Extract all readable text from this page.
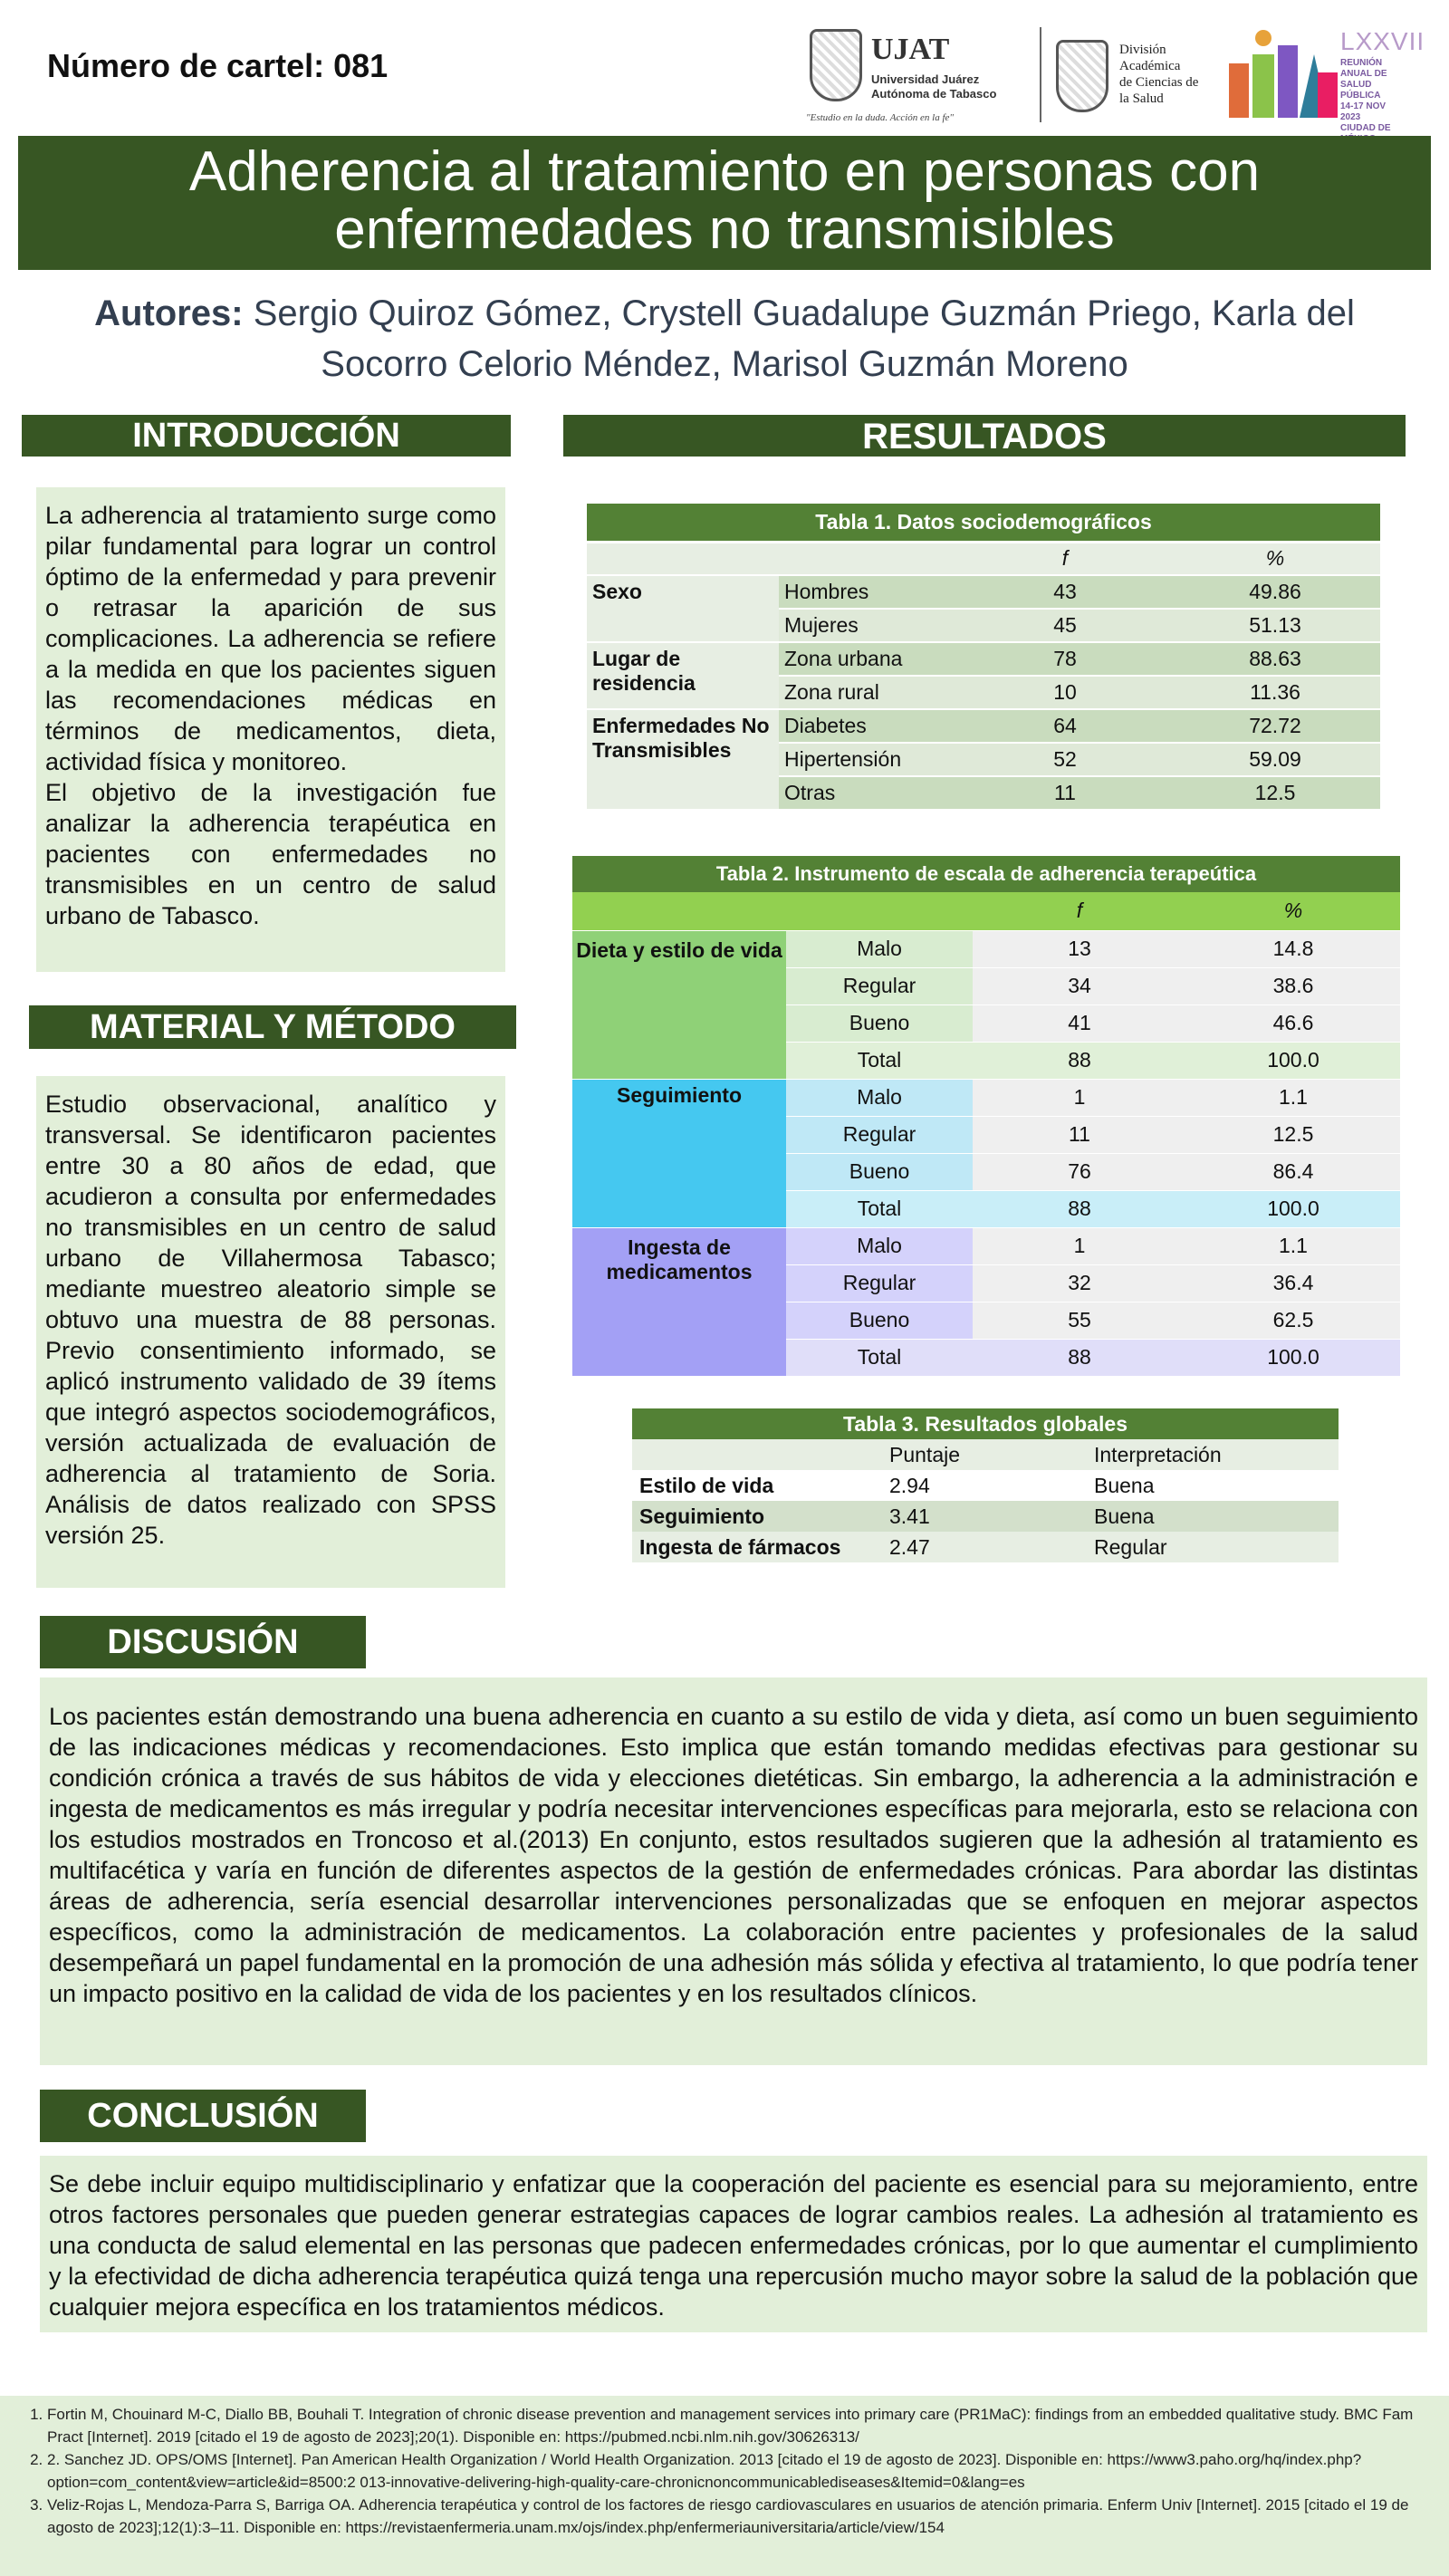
Número de cartel: 081	UJAT
Universidad Juárez
Autónoma de Tabasco
"Estudio en la duda. Acción en la fe"
División
Académica
de Ciencias de
la Salud
LXXVII
REUNIÓN ANUAL DE
SALUD PÚBLICA
14-17 NOV 2023
CIUDAD DE
Adherencia al tratamiento en personas con
enfermedades no transmisibles
Autores: Sergio Quiroz Gómez, Crystell Guadalupe Guzmán Priego, Karla del
Socorro Celorio Méndez, Marisol Guzmán Moreno
INTRODUCCIÓN	RESULTADOS

La adherencia al tratamiento surge como pilar fundamental para lograr un control óptimo de la enfermedad y para prevenir o retrasar la aparición de sus complicaciones. La adherencia se refiere a la medida en que los pacientes siguen las recomendaciones médicas en términos de medicamentos, dieta, actividad física y monitoreo.

El objetivo de la investigación fue analizar la adherencia terapéutica en pacientes con enfermedades no transmisibles en un centro de salud urbano de Tabasco.

MATERIAL Y MÉTODO

Estudio observacional, analítico y transversal. Se identificaron pacientes entre 30 a 80 años de edad, que acudieron a consulta por enfermedades no transmisibles en un centro de salud urbano de Villahermosa Tabasco; mediante muestreo aleatorio simple se obtuvo una muestra de 88 personas. Previo consentimiento informado, se aplicó instrumento validado de 39 ítems que integró aspectos sociodemográficos, versión actualizada de evaluación de adherencia al tratamiento de Soria. Análisis de datos realizado con SPSS versión 25.

Tabla 1. Datos sociodemográficos			
		f	%
Sexo	Hombres	43	49.86
	Mujeres	45	51.13
Lugar de residencia	Zona urbana	78	88.63
	Zona rural	10	11.36
Enfermedades No Transmisibles	Diabetes	64	72.72
	Hipertensión	52	59.09
	Otras	11	12.5
Tabla 2. Instrumento de escala de adherencia terapeútica			
		f	%
Dieta y estilo de vida	Malo	13	14.8
	Regular	34	38.6
	Bueno	41	46.6
	Total	88	100.0
Seguimiento	Malo	1	1.1
	Regular	11	12.5
	Bueno	76	86.4
	Total	88	100.0
Ingesta de medicamentos	Malo	1	1.1
	Regular	32	36.4
	Bueno	55	62.5
	Total	88	100.0
Tabla 3. Resultados globales		
	Puntaje	Interpretación
Estilo de vida	2.94	Buena
Seguimiento	3.41	Buena
Ingesta de fármacos	2.47	Regular
DISCUSIÓN
Los pacientes están demostrando una buena adherencia en cuanto a su estilo de vida y dieta, así como un buen seguimiento de las indicaciones médicas y recomendaciones. Esto implica que están tomando medidas efectivas para gestionar su condición crónica a través de sus hábitos de vida y elecciones dietéticas. Sin embargo, la adherencia a la administración e ingesta de medicamentos es más irregular y podría necesitar intervenciones específicas para mejorarla, esto se relaciona con los estudios mostrados en Troncoso et al.(2013) En conjunto, estos resultados sugieren que la adhesión al tratamiento es multifacética y varía en función de diferentes aspectos de la gestión de enfermedades crónicas. Para abordar las distintas áreas de adherencia, sería esencial desarrollar intervenciones personalizadas que se enfoquen en mejorar aspectos específicos, como la administración de medicamentos. La colaboración entre pacientes y profesionales de la salud desempeñará un papel fundamental en la promoción de una adhesión más sólida y efectiva al tratamiento, lo que podría tener un impacto positivo en la calidad de vida de los pacientes y en los resultados clínicos.
CONCLUSIÓN
Se debe incluir equipo multidisciplinario y enfatizar que la cooperación del paciente es esencial para su mejoramiento, entre otros factores personales que pueden generar estrategias capaces de lograr cambios reales. La adhesión al tratamiento es una conducta de salud elemental en las personas que padecen enfermedades crónicas, por lo que aumentar el cumplimiento y la efectividad de dicha adherencia terapéutica quizá tenga una repercusión mucho mayor sobre la salud de la población que cualquier mejora específica en los tratamientos médicos.
1. Fortin M, Chouinard M-C, Diallo BB, Bouhali T. Integration of chronic disease prevention and management services into primary care (PR1MaC): findings from an embedded qualitative study. BMC Fam Pract [Internet]. 2019 [citado el 19 de agosto de 2023];20(1). Disponible en: https://pubmed.ncbi.nlm.nih.gov/30626313/
2. 2. Sanchez JD. OPS/OMS [Internet]. Pan American Health Organization / World Health Organization. 2013 [citado el 19 de agosto de 2023]. Disponible en: https://www3.paho.org/hq/index.php?option=com_content&view=article&id=8500:2 013-innovative-delivering-high-quality-care-chronicnoncommunicablediseases&Itemid=0&lang=es
3. Veliz-Rojas L, Mendoza-Parra S, Barriga OA. Adherencia terapéutica y control de los factores de riesgo cardiovasculares en usuarios de atención primaria. Enferm Univ [Internet]. 2015 [citado el 19 de agosto de 2023];12(1):3–11. Disponible en: https://revistaenfermeria.unam.mx/ojs/index.php/enfermeriauniversitaria/article/view/154
